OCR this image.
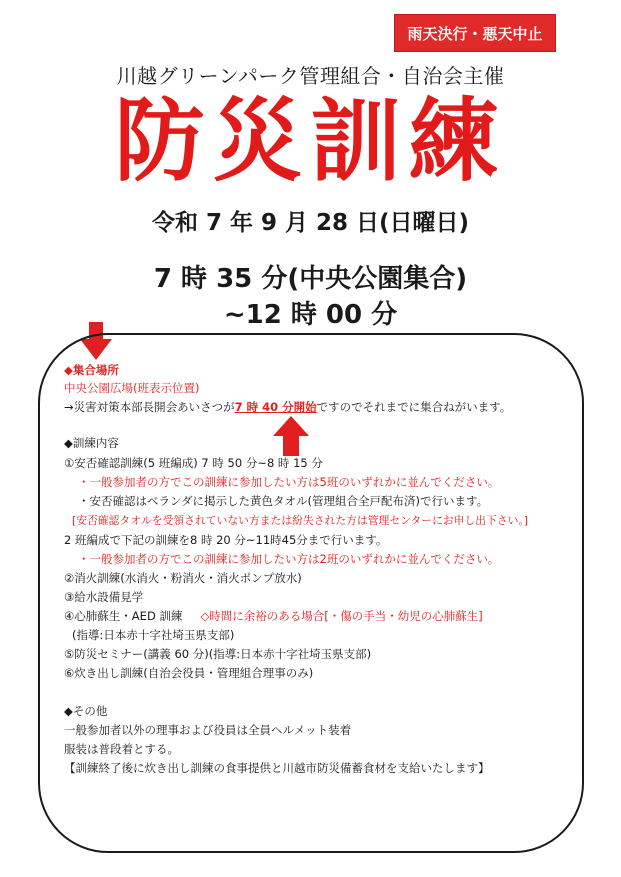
雨天決行・悪天中止
川越グリーンパーク管理組合・自治会主催
防災訓練
令和 7 年 9 月 28 日(日曜日)
7 時 35 分(中央公園集合)
~12 時 00 分
◆集合場所
中央公園広場(班表示位置)
→災害対策本部長開会あいさつが7 時 40 分開始ですのでそれまでに集合ねがいます。
◆訓練内容
①安否確認訓練(5 班編成) 7 時 50 分~8 時 15 分
・一般参加者の方でこの訓練に参加したい方は5班のいずれかに並んでください。
・安否確認はベランダに掲示した黄色タオル(管理組合全戸配布済)で行います。
[安否確認タオルを受領されていない方または紛失された方は管理センターにお申し出下さい。]
2 班編成で下記の訓練を8 時 20 分~11時45分まで行います。
・一般参加者の方でこの訓練に参加したい方は2班のいずれかに並んでください。
②消火訓練(水消火・粉消火・消火ポンプ放水)
③給水設備見学
④心肺蘇生・AED 訓練 ◇時間に余裕のある場合[・傷の手当・幼児の心肺蘇生]
(指導:日本赤十字社埼玉県支部)
⑤防災セミナー(講義 60 分)(指導:日本赤十字社埼玉県支部)
⑥炊き出し訓練(自治会役員・管理組合理事のみ)
◆その他
一般参加者以外の理事および役員は全員ヘルメット装着
服装は普段着とする。
【訓練終了後に炊き出し訓練の食事提供と川越市防災備蓄食材を支給いたします】
